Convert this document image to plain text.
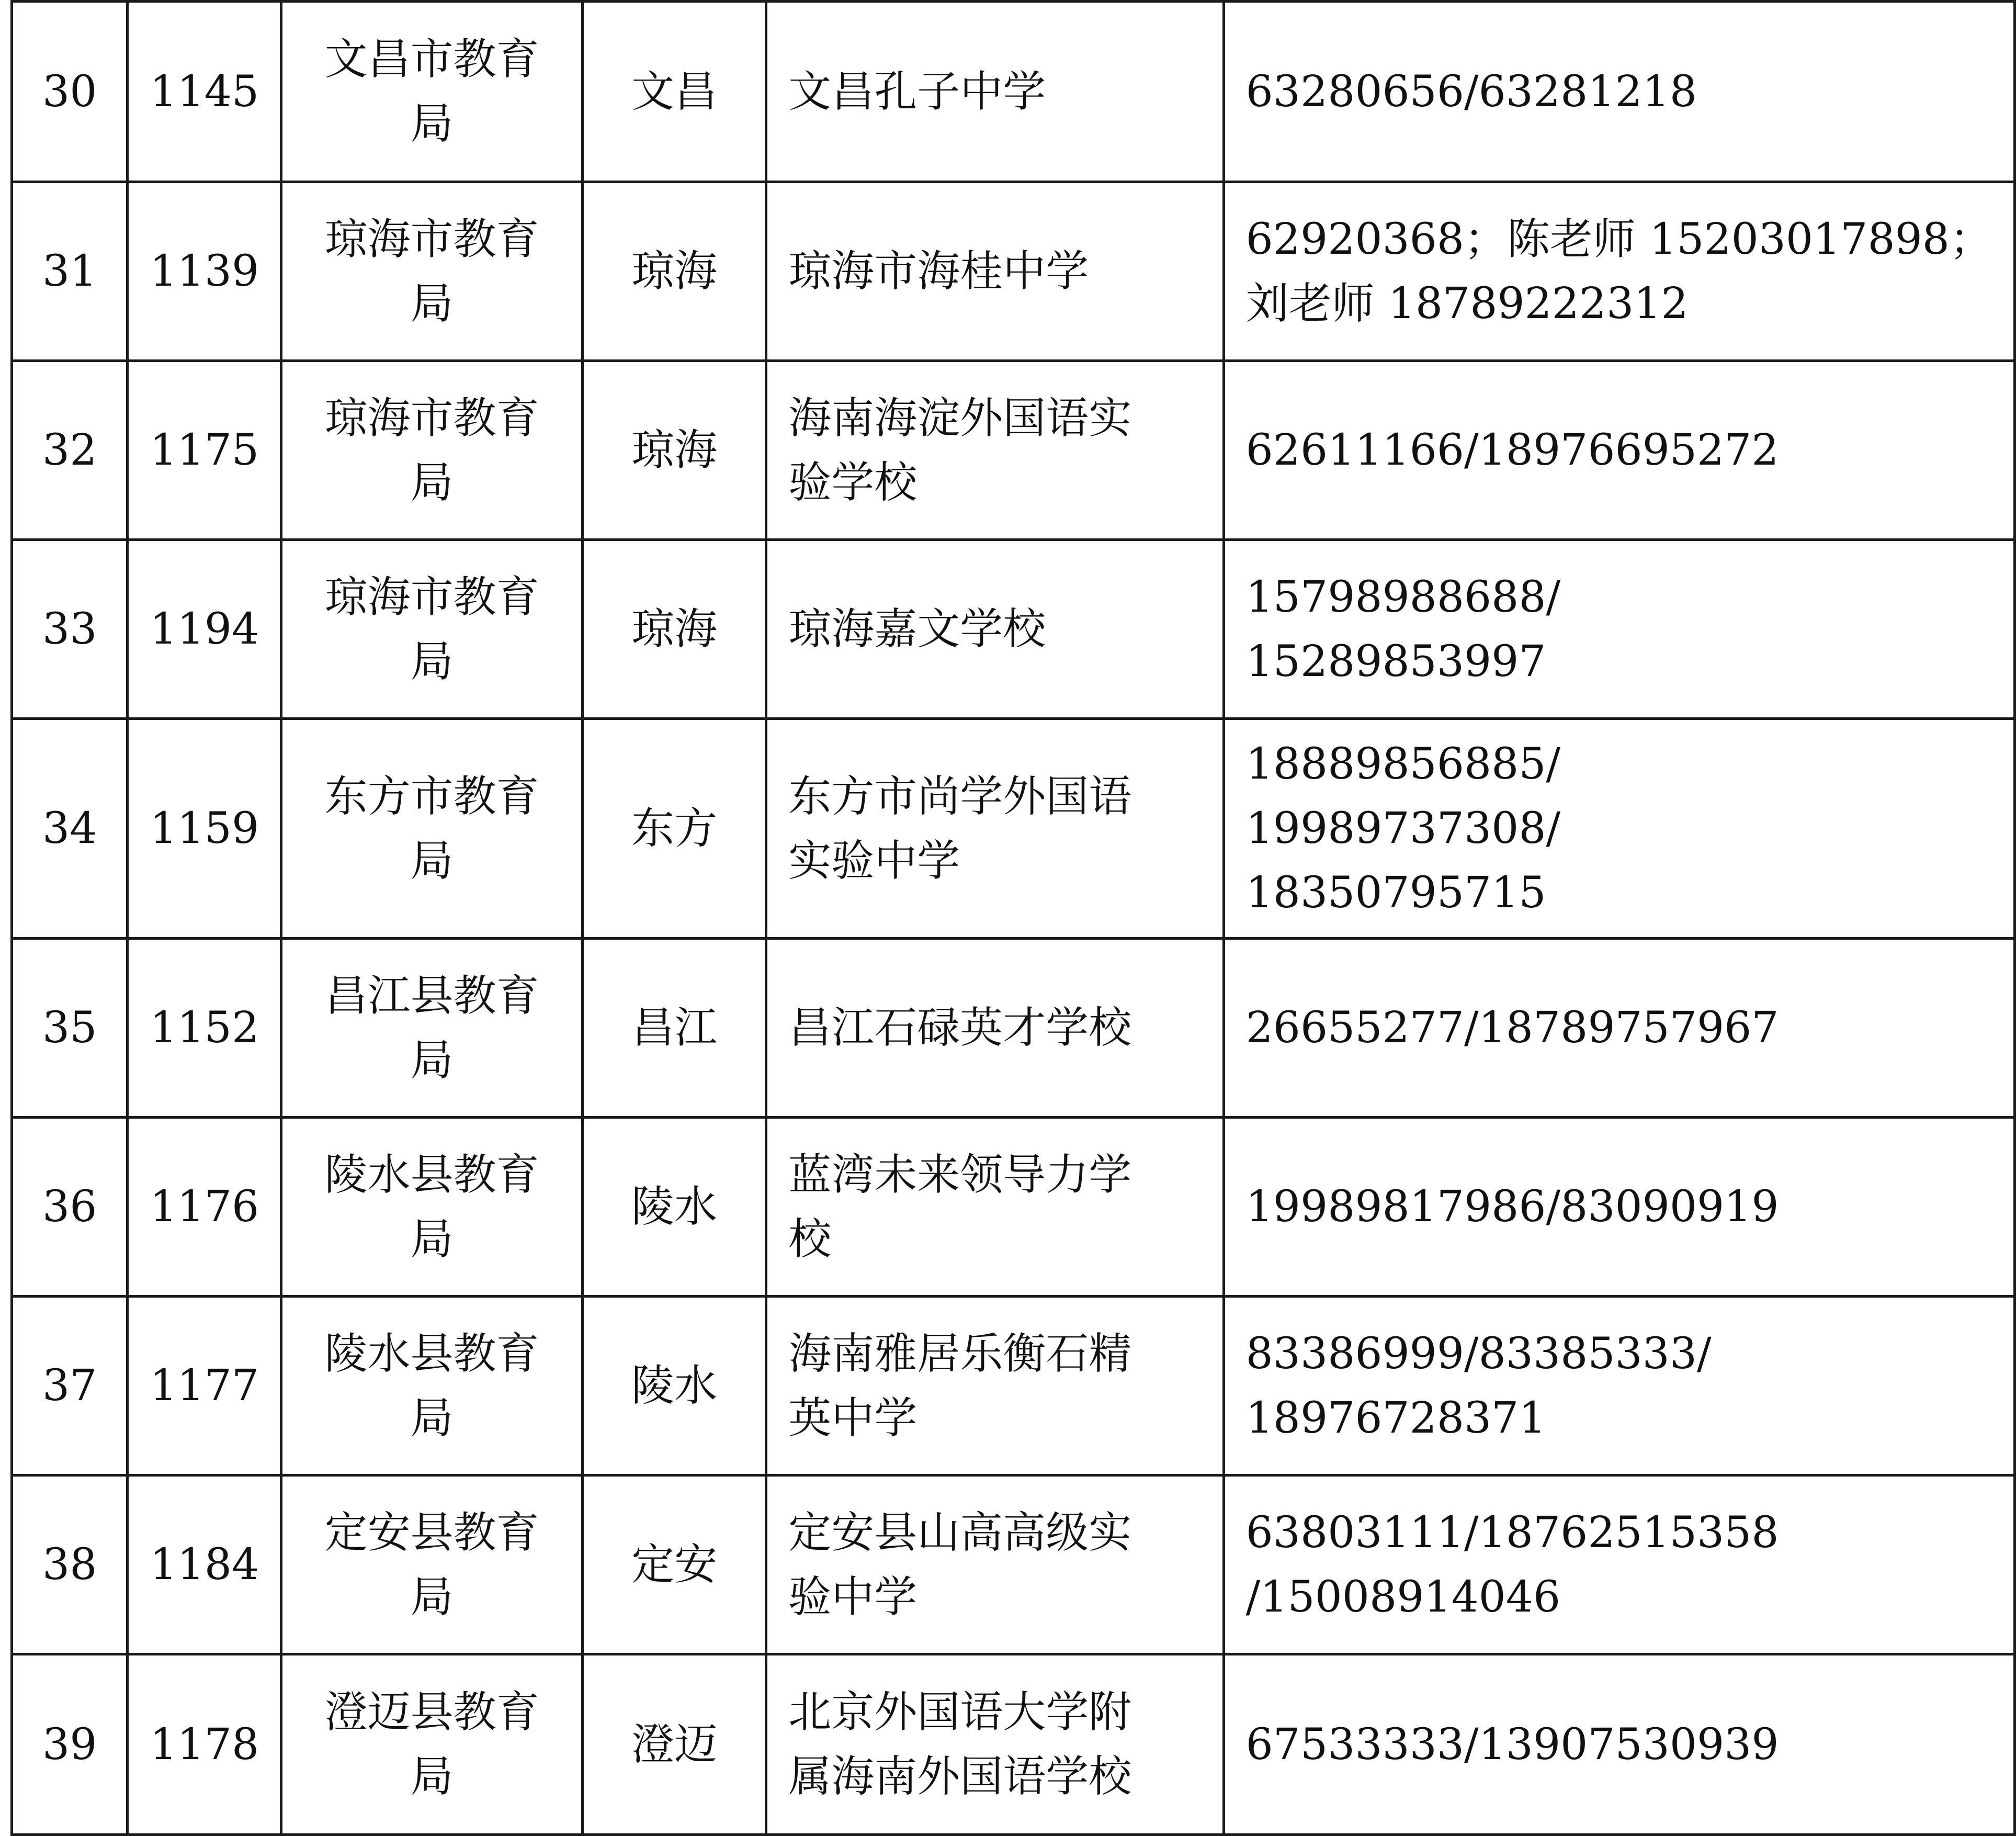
30	1145	文昌市教育局	文昌	文昌孔子中学	63280656/63281218

31	1139	琼海市教育局	琼海	琼海市海桂中学	62920368；陈老师 15203017898；
刘老师 18789222312

32	1175	琼海市教育局	琼海	海南海淀外国语实
验学校	62611166/18976695272

33	1194	琼海市教育局	琼海	琼海嘉文学校	15798988688/
15289853997

34	1159	东方市教育局	东方	东方市尚学外国语
实验中学	18889856885/
19989737308/
18350795715

35	1152	昌江县教育局	昌江	昌江石碌英才学校	26655277/18789757967

36	1176	陵水县教育局	陵水	蓝湾未来领导力学
校	19989817986/83090919

37	1177	陵水县教育局	陵水	海南雅居乐衡石精
英中学	83386999/83385333/
18976728371

38	1184	定安县教育局	定安	定安县山高高级实
验中学	63803111/18762515358
/15008914046

39	1178	澄迈县教育局	澄迈	北京外国语大学附
属海南外国语学校	67533333/13907530939
